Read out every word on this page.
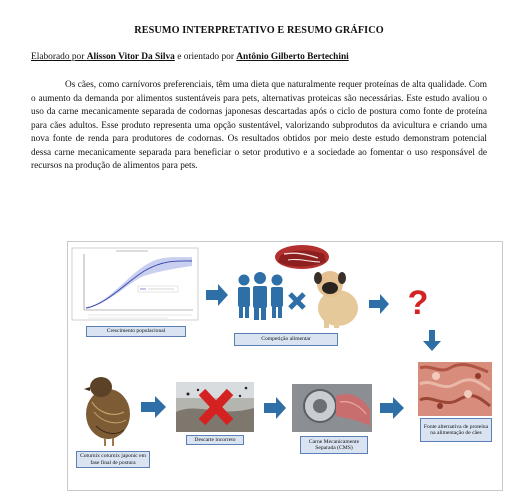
RESUMO INTERPRETATIVO E RESUMO GRÁFICO
Elaborado por Alisson Vitor Da Silva e orientado por Antônio Gilberto Bertechini

Os cães, como carnívoros preferenciais, têm uma dieta que naturalmente requer proteínas de alta qualidade. Com o aumento da demanda por alimentos sustentáveis para pets, alternativas proteicas são necessárias. Este estudo avaliou o uso da carne mecanicamente separada de codornas japonesas descartadas após o ciclo de postura como fonte de proteína para cães adultos. Esse produto representa uma opção sustentável, valorizando subprodutos da avicultura e criando uma nova fonte de renda para produtores de codornas. Os resultados obtidos por meio deste estudo demonstram potencial dessa carne mecanicamente separada para beneficiar o setor produtivo e a sociedade ao fomentar o uso responsável de recursos na produção de alimentos para pets.

?
Crescimento populacional
Competição alimentar
Fonte alternativa de proteína na alimentação de cães
Coturnix coturnix japonic em fase final de postura
Descarte incorreto	Carne Mecanicamente Separada (CMS)
